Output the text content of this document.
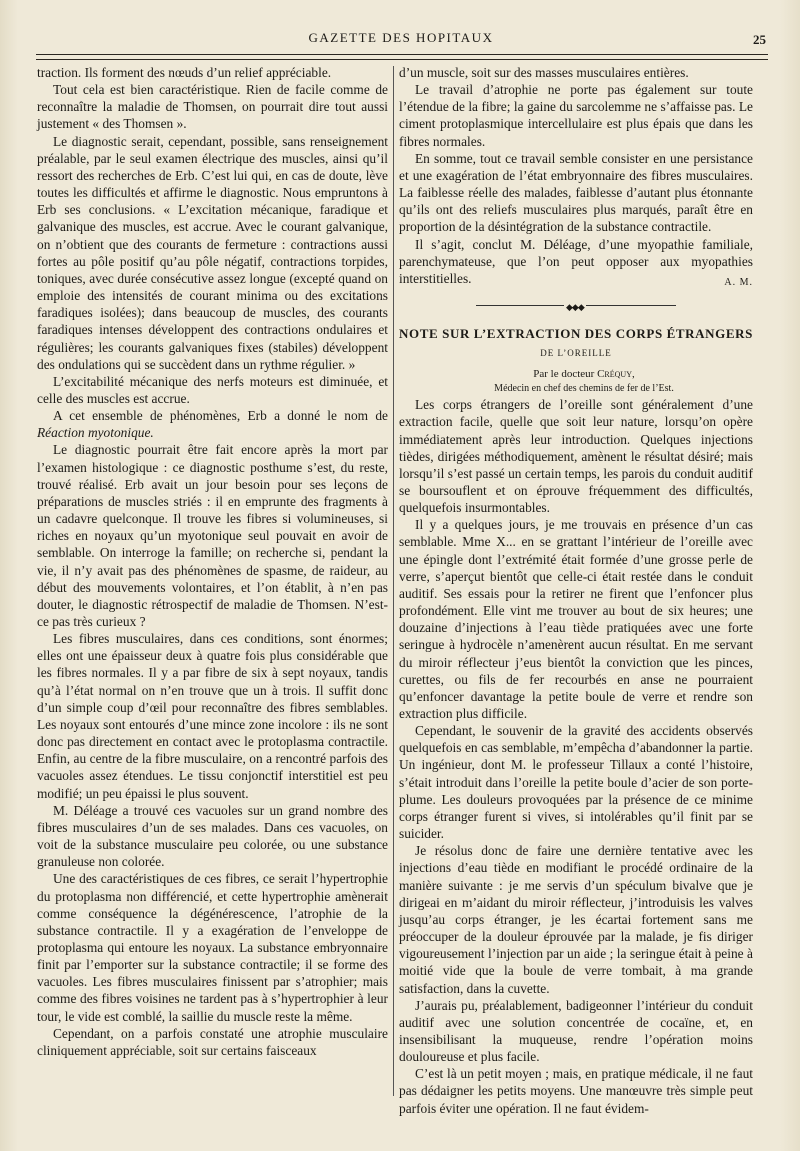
GAZETTE DES HOPITAUX	25

traction. Ils forment des nœuds d’un relief appréciable.

Tout cela est bien caractéristique. Rien de facile comme de reconnaître la maladie de Thomsen, on pourrait dire tout aussi justement « des Thomsen ».

Le diagnostic serait, cependant, possible, sans renseignement préalable, par le seul examen électrique des muscles, ainsi qu’il ressort des recherches de Erb. C’est lui qui, en cas de doute, lève toutes les difficultés et affirme le diagnostic. Nous empruntons à Erb ses conclusions. « L’excitation mécanique, faradique et galvanique des muscles, est accrue. Avec le courant galvanique, on n’obtient que des courants de fermeture : contractions aussi fortes au pôle positif qu’au pôle négatif, contractions torpides, toniques, avec durée consécutive assez longue (excepté quand on emploie des intensités de courant minima ou des excitations faradiques isolées); dans beaucoup de muscles, des courants faradiques intenses développent des contractions ondulaires et régulières; les courants galvaniques fixes (stabiles) développent des ondulations qui se succèdent dans un rythme régulier. »

L’excitabilité mécanique des nerfs moteurs est diminuée, et celle des muscles est accrue.

A cet ensemble de phénomènes, Erb a donné le nom de Réaction myotonique.

Le diagnostic pourrait être fait encore après la mort par l’examen histologique : ce diagnostic posthume s’est, du reste, trouvé réalisé. Erb avait un jour besoin pour ses leçons de préparations de muscles striés : il en emprunte des fragments à un cadavre quelconque. Il trouve les fibres si volumineuses, si riches en noyaux qu’un myotonique seul pouvait en avoir de semblable. On interroge la famille; on recherche si, pendant la vie, il n’y avait pas des phénomènes de spasme, de raideur, au début des mouvements volontaires, et l’on établit, à n’en pas douter, le diagnostic rétrospectif de maladie de Thomsen. N’est-ce pas très curieux ?

Les fibres musculaires, dans ces conditions, sont énormes; elles ont une épaisseur deux à quatre fois plus considérable que les fibres normales. Il y a par fibre de six à sept noyaux, tandis qu’à l’état normal on n’en trouve que un à trois. Il suffit donc d’un simple coup d’œil pour reconnaître des fibres semblables. Les noyaux sont entourés d’une mince zone incolore : ils ne sont donc pas directement en contact avec le protoplasma contractile. Enfin, au centre de la fibre musculaire, on a rencontré parfois des vacuoles assez étendues. Le tissu conjonctif interstitiel est peu modifié; un peu épaissi le plus souvent.

M. Déléage a trouvé ces vacuoles sur un grand nombre des fibres musculaires d’un de ses malades. Dans ces vacuoles, on voit de la substance musculaire peu colorée, ou une substance granuleuse non colorée.

Une des caractéristiques de ces fibres, ce serait l’hypertrophie du protoplasma non différencié, et cette hypertrophie amènerait comme conséquence la dégénérescence, l’atrophie de la substance contractile. Il y a exagération de l’enveloppe de protoplasma qui entoure les noyaux. La substance embryonnaire finit par l’emporter sur la substance contractile; il se forme des vacuoles. Les fibres musculaires finissent par s’atrophier; mais comme des fibres voisines ne tardent pas à s’hypertrophier à leur tour, le vide est comblé, la saillie du muscle reste la même.

Cependant, on a parfois constaté une atrophie musculaire cliniquement appréciable, soit sur certains faisceaux

d’un muscle, soit sur des masses musculaires entières.

Le travail d’atrophie ne porte pas également sur toute l’étendue de la fibre; la gaine du sarcolemme ne s’affaisse pas. Le ciment protoplasmique intercellulaire est plus épais que dans les fibres normales.

En somme, tout ce travail semble consister en une persistance et une exagération de l’état embryonnaire des fibres musculaires. La faiblesse réelle des malades, faiblesse d’autant plus étonnante qu’ils ont des reliefs musculaires plus marqués, paraît être en proportion de la désintégration de la substance contractile.

Il s’agit, conclut M. Déléage, d’une myopathie familiale, parenchymateuse, que l’on peut opposer aux myopathies interstitielles.	A. M.

◆◆◆
NOTE SUR L’EXTRACTION DES CORPS ÉTRANGERS
DE L’OREILLE

Par le docteur Créquy,

Médecin en chef des chemins de fer de l’Est.

Les corps étrangers de l’oreille sont généralement d’une extraction facile, quelle que soit leur nature, lorsqu’on opère immédiatement après leur introduction. Quelques injections tièdes, dirigées méthodiquement, amènent le résultat désiré; mais lorsqu’il s’est passé un certain temps, les parois du conduit auditif se boursouflent et on éprouve fréquemment des difficultés, quelquefois insurmontables.

Il y a quelques jours, je me trouvais en présence d’un cas semblable. Mme X... en se grattant l’intérieur de l’oreille avec une épingle dont l’extrémité était formée d’une grosse perle de verre, s’aperçut bientôt que celle-ci était restée dans le conduit auditif. Ses essais pour la retirer ne firent que l’enfoncer plus profondément. Elle vint me trouver au bout de six heures; une douzaine d’injections à l’eau tiède pratiquées avec une forte seringue à hydrocèle n’amenèrent aucun résultat. En me servant du miroir réflecteur j’eus bientôt la conviction que les pinces, curettes, ou fils de fer recourbés en anse ne pourraient qu’enfoncer davantage la petite boule de verre et rendre son extraction plus difficile.

Cependant, le souvenir de la gravité des accidents observés quelquefois en cas semblable, m’empêcha d’abandonner la partie. Un ingénieur, dont M. le professeur Tillaux a conté l’histoire, s’était introduit dans l’oreille la petite boule d’acier de son porte-plume. Les douleurs provoquées par la présence de ce minime corps étranger furent si vives, si intolérables qu’il finit par se suicider.

Je résolus donc de faire une dernière tentative avec les injections d’eau tiède en modifiant le procédé ordinaire de la manière suivante : je me servis d’un spéculum bivalve que je dirigeai en m’aidant du miroir réflecteur, j’introduisis les valves jusqu’au corps étranger, je les écartai fortement sans me préoccuper de la douleur éprouvée par la malade, je fis diriger vigoureusement l’injection par un aide ; la seringue était à peine à moitié vide que la boule de verre tombait, à ma grande satisfaction, dans la cuvette.

J’aurais pu, préalablement, badigeonner l’intérieur du conduit auditif avec une solution concentrée de cocaïne, et, en insensibilisant la muqueuse, rendre l’opération moins douloureuse et plus facile.

C’est là un petit moyen ; mais, en pratique médicale, il ne faut pas dédaigner les petits moyens. Une manœuvre très simple peut parfois éviter une opération. Il ne faut évidem-
